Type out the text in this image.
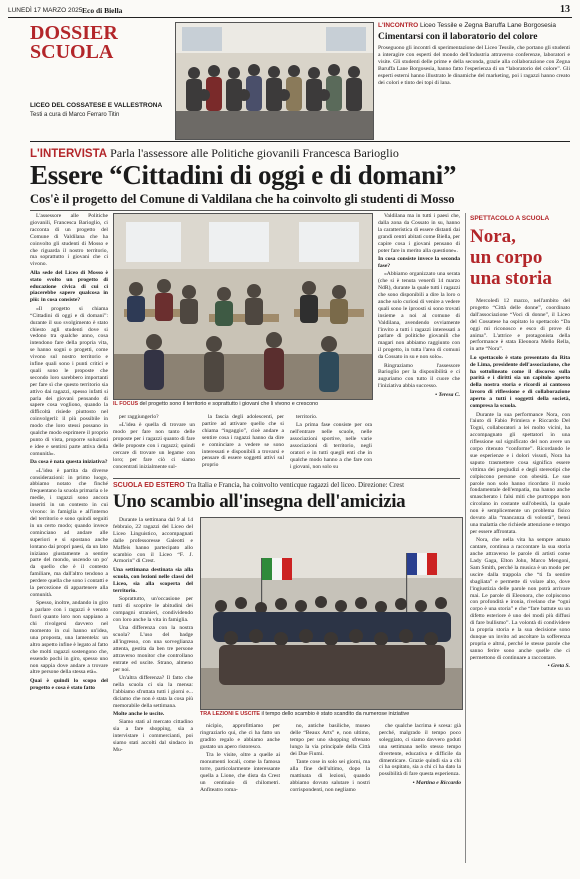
LUNEDÌ 17 MARZO 2025 Eco di Biella	13
DOSSIER
SCUOLA
LICEO DEL COSSATESE E VALLESTRONA
Testi a cura di Marco Ferraro Titin
L'INCONTRO Liceo Tessile e Zegna Baruffa Lane Borgosesia
Cimentarsi con il laboratorio del colore
Proseguono gli incontri di sperimentazione del Liceo Tessile, che portano gli studenti a interagire con esperti del mondo dell'industria attraverso conferenze, laboratori e visite. Gli studenti delle prime e della seconda, grazie alla collaborazione con Zegna Baruffa Lane Borgosesia, hanno fatto l'esperienza di un “laboratorio del colore”. Gli esperti esterni hanno illustrato le dinamiche del marketing, poi i ragazzi hanno creato dei colori e tinto dei topi di lana.
L'INTERVISTA Parla l'assessore alle Politiche giovanili Francesca Barioglio
Essere “Cittadini di oggi e di domani”
Cos'è il progetto del Comune di Valdilana che ha coinvolto gli studenti di Mosso

L'assessore alle Politiche giovanili, Francesca Barioglio, ci racconta di un progetto del Comune di Valdilana che ha coinvolto gli studenti di Mosso e che riguarda il nostro territorio, ma soprattutto i giovani che ci vivono.

Alla sede del Liceo di Mosso è stato svolto un progetto di educazione civica di cui ci piacerebbe sapere qualcosa in più: in cosa consiste?

«Il progetto si chiama “Cittadini di oggi e di domani”: durante il suo svolgimento è stato chiesto agli studenti dove si vedono tra qualche anno, cosa intendono fare della propria vita, se hanno sogni o progetti, come vivono sul nostro territorio e infine quali sono i punti critici e quali sono le proposte che secondo loro sarebbero importanti per fare sì che questo territorio sia attivo dai ragazzi, spesso infatti si parla dei giovani pensando di sapere cosa vogliono, quando la difficoltà risiede piuttosto nel coinvolgerli: il più possibile in modo che loro stessi possano in qualche modo esprimere il proprio punto di vista, proporre soluzioni e idee e sentirsi parte attiva della comunità».

Da cosa è nata questa iniziativa?

«L'idea è partita da diverse considerazioni: in primo luogo, abbiamo notato che finché frequentano la scuola primaria o le medie, i ragazzi sono ancora inseriti in un contesto in cui vivono: in famiglia e all'interno del territorio e sono quindi seguiti in un certo modo; quando invece cominciano ad andare alle superiori e si spostano anche lontano dai propri paesi, da un lato iniziano giustamente a sentire parte del mondo, uscendo un po' da quello che è il contesto familiare, ma dall'altro tendono a perdere quella che sono i contatti e la percezione di appartenere alla comunità.

Spesso, inoltre, andando in giro a parlare con i ragazzi è venuto fuori quanto loro non sappiano a chi rivolgersi davvero nel momento in cui hanno un'idea, una proposta, una lamentela: un altro aspetto infine è legato al fatto che molti ragazzi sostengono che, essendo pochi in giro, spesso uno non sappia dove andare a trovare altre persone della stessa età».

Quai è quindi lo scopo del progetto e cosa è stato fatto

IL FOCUS del progetto sono il territorio e soprattutto i giovani che li vivono e crescono

per raggiungerlo?

«L'idea è quella di trovare un modo per fare non tanto delle proposte per i ragazzi quanto di fare delle proposte con i ragazzi; quindi cercare di trovare un legame con loro; per fare ciò ci siamo concentrati inizialmente sul-

la fascia degli adolescenti, per partire ad attivare quello che si chiama “ingaggio”, cioè andare a sentire cosa i ragazzi hanno da dire e cominciare a vedere se sono interessati e disponibili a trovarsi e pensare di essere soggetti attivi sul proprio

territorio.

La prima fase consiste per ora nell'entrare nelle scuole, nelle associazioni sportive, nelle varie associazioni di territorio, negli oratori e in tutti quegli enti che in qualche modo hanno a che fare con i giovani, non solo su

Valdilana ma in tutti i paesi che, dalla zona da Cossato in su, hanno la caratteristica di essere distanti dai grandi centri abitati come Biella, per capire cosa i giovani pensano di poter fare in merito alla questione».

In cosa consiste invece la seconda fase?

«Abbiamo organizzato una serata (che si è tenuta venerdì 14 marzo NdR), durante la quale tutti i ragazzi che sono disponibili a dire la loro o anche solo curiosi di venire a vedere quali sono le iproosti si sono trovati insieme a noi al comune di Valdilana, avendendo ovviamente l'invito a tutti i ragazzi interessati a parlare di politiche giovanili che magari non abbiamo raggiunto con il progetto, in tutta l'area di comuni da Cossato in su e non solo».

Ringraziamo l'assessore Barioglio per la disponibilità e ci auguriamo con tutto il cuore che l'iniziativa abbia successo.

• Teresa C.

SCUOLA ED ESTERO Tra Italia e Francia, ha coinvolto venticque ragazzi del liceo. Direzione: Crest
Uno scambio all'insegna dell'amicizia

Durante la settimana dal 9 al 14 febbraio, 22 ragazzi del Liceo del Liceo Linguistico, accompagnati dalle professoresse Galeotti e Maffeis hanno partecipato allo scambio con il Liceo “F. J. Armorin” di Crest.

Una settimana destinata sia alla scuola, con lezioni nelle classi del Liceo, sia alla scoperta del territorio.

Soprattutto, un'occasione per tutti di scoprire le abitudini dei compagni stranieri, condividendo con loro anche la vita in famiglia.

Una differenza con la nostra scuola? L'uso del badge all'ingresso, con una sorveglianza attenta, gestita da ben tre persone attraverso monitor che controllano entrate ed uscite. Strano, almeno per noi.

Un'altra differenza? Il fatto che nella scuola ci sia la mensa: l'abbiamo sfruttata tutti i giorni e... diciamo che non è stata la cosa più memorabile della settimana.

Molte anche le uscite.

Siamo stati al mercato cittadino sia a fare shopping, sia a intervistare i commercianti, poi siamo stati accolti dal sindaco in Mu-

TRA LEZIONI E USCITE il tempo dello scambio è stato scandito da numerose iniziative

nicipio, approfittiamo per ringraziarlo qui, che ci ha fatto un gradito regalo e abbiamo anche gustato un apero ristoresco.

Tra le visite, oltre a quelle ai monumenti locali, come la famosa torre, particolarmente interessante quella a Lione, che dista da Crest un centinaio di chilometri. Anfiteatro roma-

no, antiche basiliche, museo delle “Beaux Arts” e, non ultimo, tempo per uno shopping sfrenato lungo la via principale della Città dei Due Fiumi.

Tante cose in solo sei giorni, ma alla fine dell'ultimo, dopo la mattinata di lezioni, quando abbiamo dovuto salutare i nostri corrispondenti, non negliamo

che qualche lacrima è scesa: già perché, malgrado il tempo poco soleggiato, ci siamo davvero goduti una settimana nello stesso tempo divertente, educativa e difficile da dimenticare. Grazie quindi sia a chi ci ha ospitato, sia a chi ci ha dato la possibilità di fare questa esperienza.

• Martina e Riccardo

SPETTACOLO A SCUOLA
Nora,
un corpo
una storia

Mercoledì 12 marzo, nell'ambito del progetto “Città delle donne”, coordinato dall'associazione “Voci di donne”, il Liceo del Cossatese ha ospitato lo spettacolo “Da oggi mi riconosco e esco di prove di anima”. L'attrice e protagonista della performance è stata Eleonora Mello Rella, in arte “Nora”.

Lo spettacolo è stato presentato da Rita de Lima, presidente dell'associazione, che ha sottolineato come il discorso sulla parità e i diritti sia un capitolo aperto della nostra storia e ricordi ai cantosso lavoro di riflessione e di collaborazione aperto a tutti i soggetti della società, compresa la scuola.

Durante la sua performance Nora, con l'aiuto di Fabio Primiera e Riccardo Del Togni, collaboratori a lei molto vicini, ha accompagnato gli spettatori in una riflessione sul significato del non avere un corpo ritenuto “conforme”. Ricordando le sue esperienze e i dolori vissuti, Nora ha saputo trasmettere cosa significa essere vittima dei pregiudizi e degli stereotipi che colpiscono persone con obesità. Le sue parole non solo hanno ricordato il ruolo fondamentale dell'empatia, ma hanno anche smascherato i falsi miti che purtroppo non circolano in costante sull'obesità, la quale non è semplicemente un problema fisico dovuto alla “mancanza di volontà”, bensì una malattia che richiede attenzione e tempo per essere affrontata.

Nora, che nella vita ha sempre amato cantare, continua a raccontare la sua storia anche attraverso le parole di artisti come Lady Gaga, Elton John, Marco Mengoni, Sam Smith, perché la musica è un modo per uscire dalla trappola che “ti fa sentire sbagliata” e permette di volare alto, dove l'ingiustizia delle parole non potrà arrivare mai. Le parole di Eleonora, che colpiscono con profondità e ironia, rivelano che “ogni corpo è una storia” e che “fare battute su un difetto esteriore è uno dei modi più diffusi di fare bullismo”. La volontà di condividere la propria storia e la sua decisione sono dunque un invito ad ascoltare la sofferenza propria e altrui, perché le stesse parole che sanno ferire sono anche quelle che ci permettono di continuare a raccontare.

• Greta S.
